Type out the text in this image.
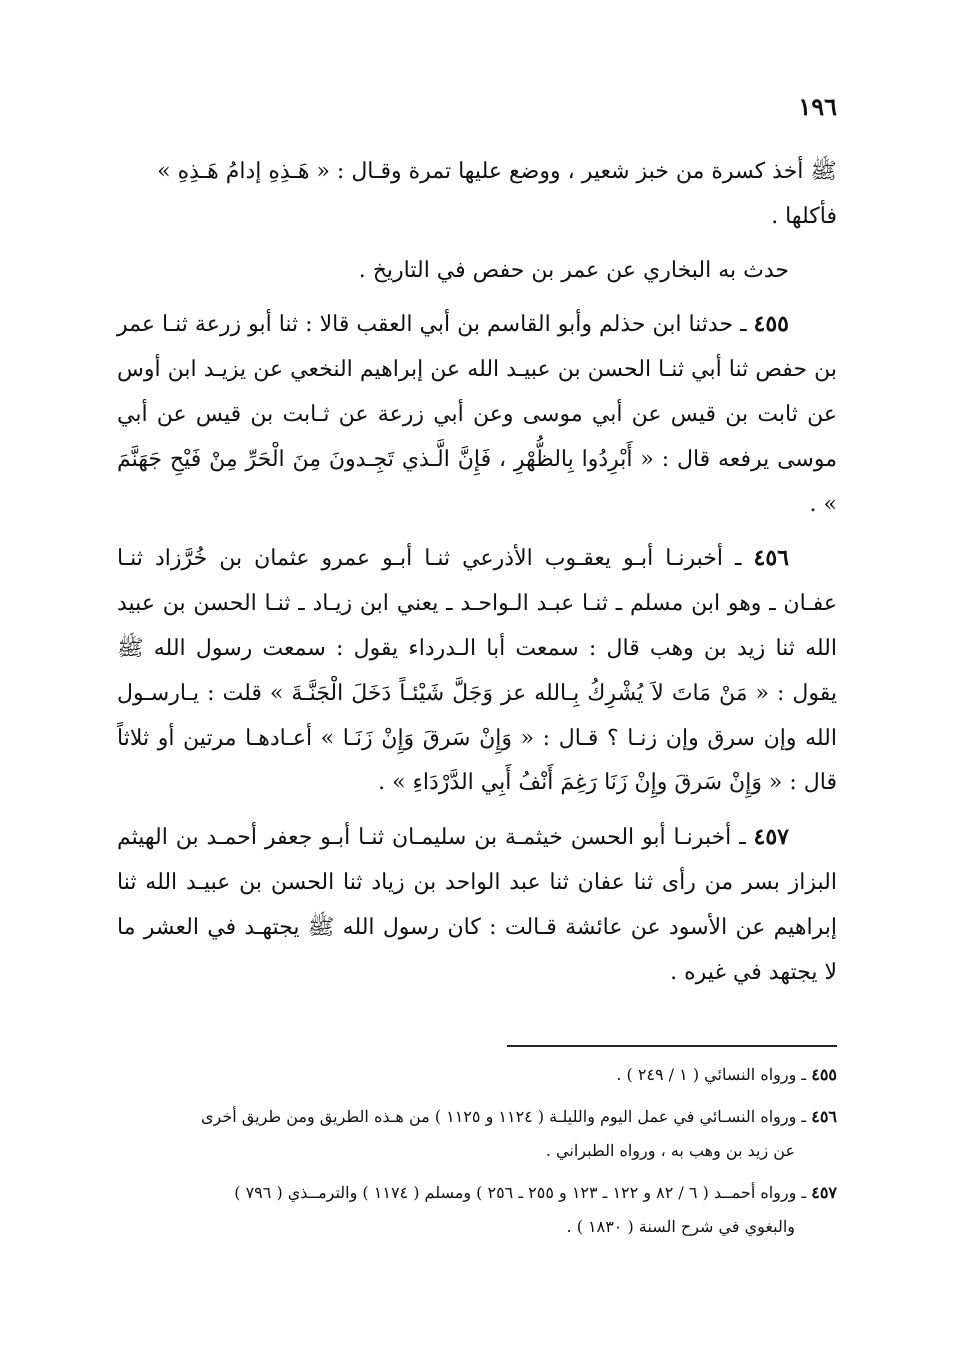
١٩٦

ﷺ أخذ كسرة من خبز شعير ، ووضع عليها تمرة وقـال : « هَـذِهِ إدامُ هَـذِهِ »

فأكلها .

حدث به البخاري عن عمر بن حفص في التاريخ .

٤٥٥ ـ حدثنا ابن حذلم وأبو القاسم بن أبي العقب قالا : ثنا أبو زرعة ثنـا عمر بن حفص ثنا أبي ثنـا الحسن بن عبيـد الله عن إبراهيم النخعي عن يزيـد ابن أوس عن ثابت بن قيس عن أبي موسى وعن أبي زرعة عن ثـابت بن قيس عن أبي موسى يرفعه قال : « أَبْرِدُوا بِالظُّهْرِ ، فَإِنَّ الَّـذي تَجِـدونَ مِنَ الْحَرِّ مِنْ فَيْحِ جَهَنَّمَ » .

٤٥٦ ـ أخبرنـا أبـو يعقـوب الأذرعي ثنـا أبـو عمرو عثمان بن خُرَّزاد ثنـا عفـان ـ وهو ابن مسلم ـ ثنـا عبـد الـواحـد ـ يعني ابن زيـاد ـ ثنـا الحسن بن عبيد الله ثنا زيد بن وهب قال : سمعت أبا الـدرداء يقول : سمعت رسول الله ﷺ يقول : « مَنْ مَاتَ لاَ يُشْرِكُ بِـالله عز وَجَلَّ شَيْئـاً دَخَلَ الْجَنَّـةَ » قلت : يـارسـول الله وإن سرق وإن زنـا ؟ قـال : « وَإِنْ سَرقَ وَإِنْ زَنَـا » أعـادهـا مرتين أو ثلاثاً قال : « وَإِنْ سَرقَ وإِنْ زَنَا رَغِمَ أَنْفُ أَبِي الدَّرْدَاءِ » .

٤٥٧ ـ أخبرنـا أبو الحسن خيثمـة بن سليمـان ثنـا أبـو جعفر أحمـد بن الهيثم البزاز بسر من رأى ثنا عفان ثنا عبد الواحد بن زياد ثنا الحسن بن عبيـد الله ثنا إبراهيم عن الأسود عن عائشة قـالت : كان رسول الله ﷺ يجتهـد في العشر ما لا يجتهد في غيره .

٤٥٥ ـ ورواه النسائي ( ١ / ٢٤٩ ) .

٤٥٦ ـ ورواه النسـائي في عمل اليوم والليلـة ( ١١٢٤ و ١١٢٥ ) من هـذه الطريق ومن طريق أخرى
عن زيد بن وهب به ، ورواه الطبراني .

٤٥٧ ـ ورواه أحمــد ( ٦ / ٨٢ و ١٢٢ ـ ١٢٣ و ٢٥٥ ـ ٢٥٦ ) ومسلم ( ١١٧٤ ) والترمــذي ( ٧٩٦ )
والبغوي في شرح السنة ( ١٨٣٠ ) .
